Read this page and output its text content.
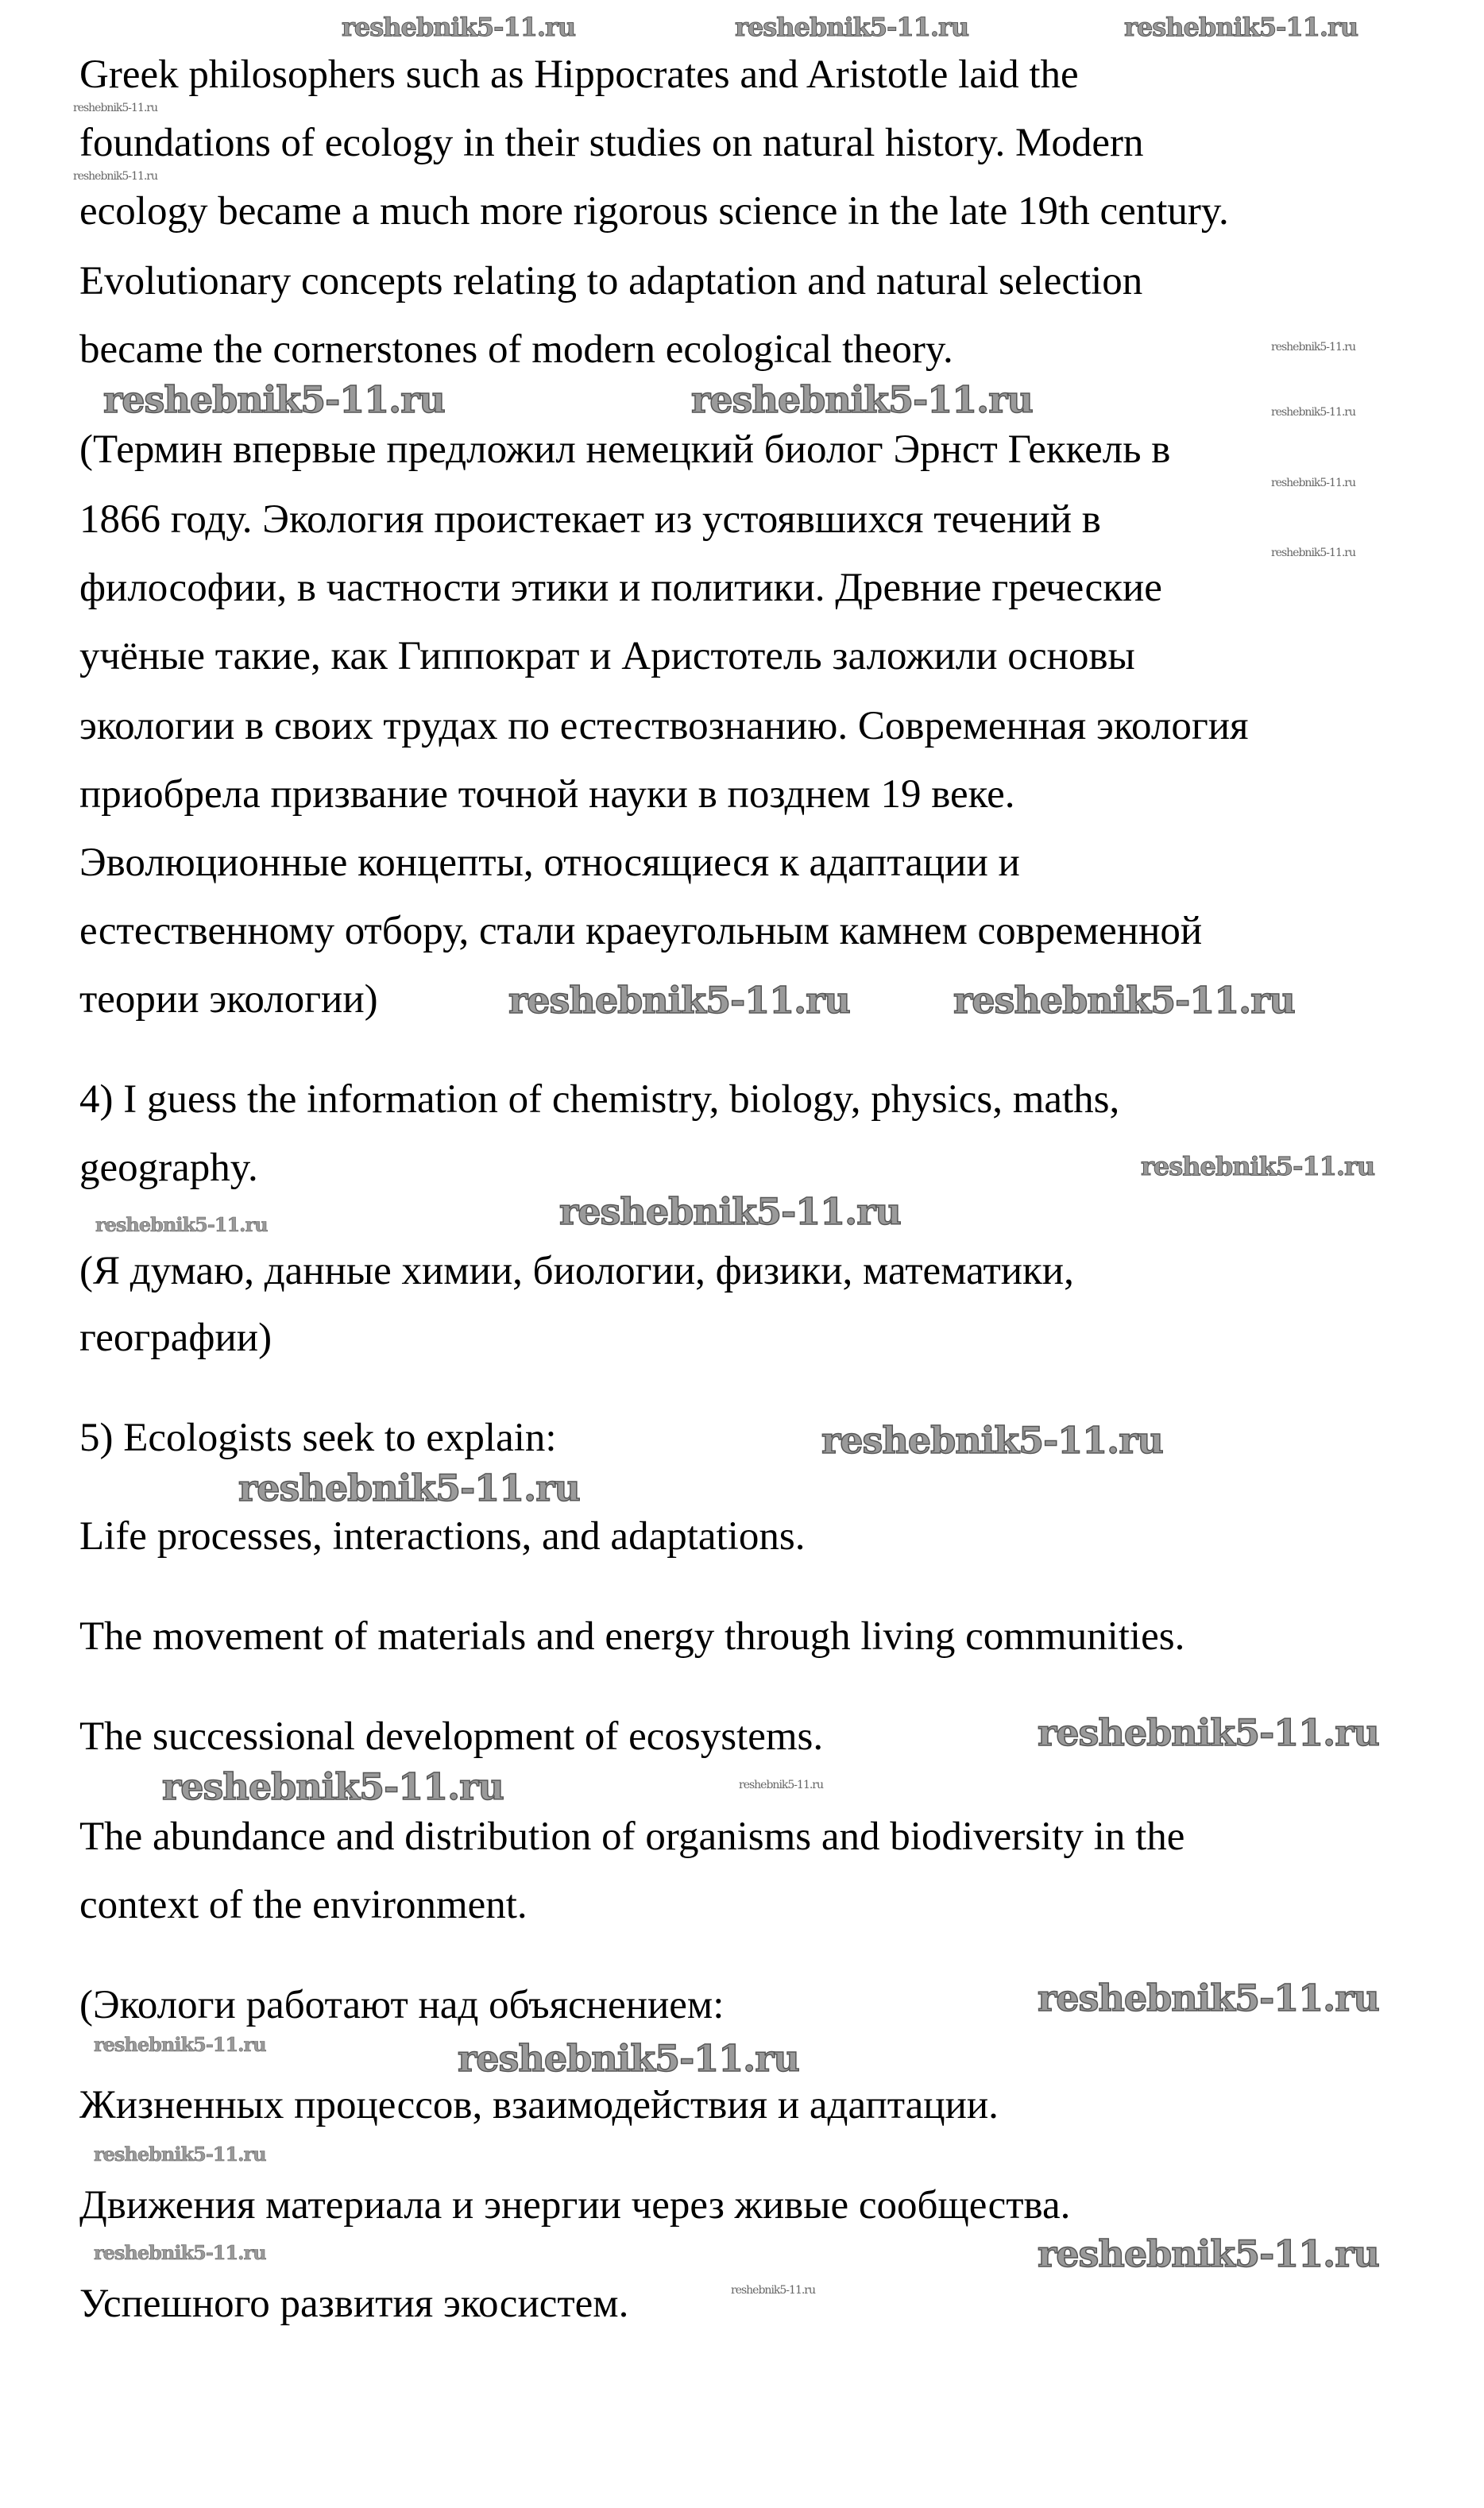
Greek philosophers such as Hippocrates and Aristotle laid the
foundations of ecology in their studies on natural history. Modern
ecology became a much more rigorous science in the late 19th century.
Evolutionary concepts relating to adaptation and natural selection
became the cornerstones of modern ecological theory.
(Термин впервые предложил немецкий биолог Эрнст Геккель в
1866 году. Экология проистекает из устоявшихся течений в
философии, в частности этики и политики. Древние греческие
учёные такие, как Гиппократ и Аристотель заложили основы
экологии в своих трудах по естествознанию. Современная экология
приобрела призвание точной науки в позднем 19 веке.
Эволюционные концепты, относящиеся к адаптации и
естественному отбору, стали краеугольным камнем современной
теории экологии)
4) I guess the information of chemistry, biology, physics, maths,
geography.
(Я думаю, данные химии, биологии, физики, математики,
географии)
5) Ecologists seek to explain:
Life processes, interactions, and adaptations.
The movement of materials and energy through living communities.
The successional development of ecosystems.
The abundance and distribution of organisms and biodiversity in the
context of the environment.
(Экологи работают над объяснением:
Жизненных процессов, взаимодействия и адаптации.
Движения материала и энергии через живые сообщества.
Успешного развития экосистем.
reshebnik5-11.ru	reshebnik5-11.ru	reshebnik5-11.ru
reshebnik5-11.ru
reshebnik5-11.ru
reshebnik5-11.ru
reshebnik5-11.ru	reshebnik5-11.ru	reshebnik5-11.ru
reshebnik5-11.ru
reshebnik5-11.ru
reshebnik5-11.ru	reshebnik5-11.ru
reshebnik5-11.ru
reshebnik5-11.ru
reshebnik5-11.ru
reshebnik5-11.ru
reshebnik5-11.ru
reshebnik5-11.ru
reshebnik5-11.ru	reshebnik5-11.ru
reshebnik5-11.ru
reshebnik5-11.ru	reshebnik5-11.ru
reshebnik5-11.ru
reshebnik5-11.ru
reshebnik5-11.ru
reshebnik5-11.ru
